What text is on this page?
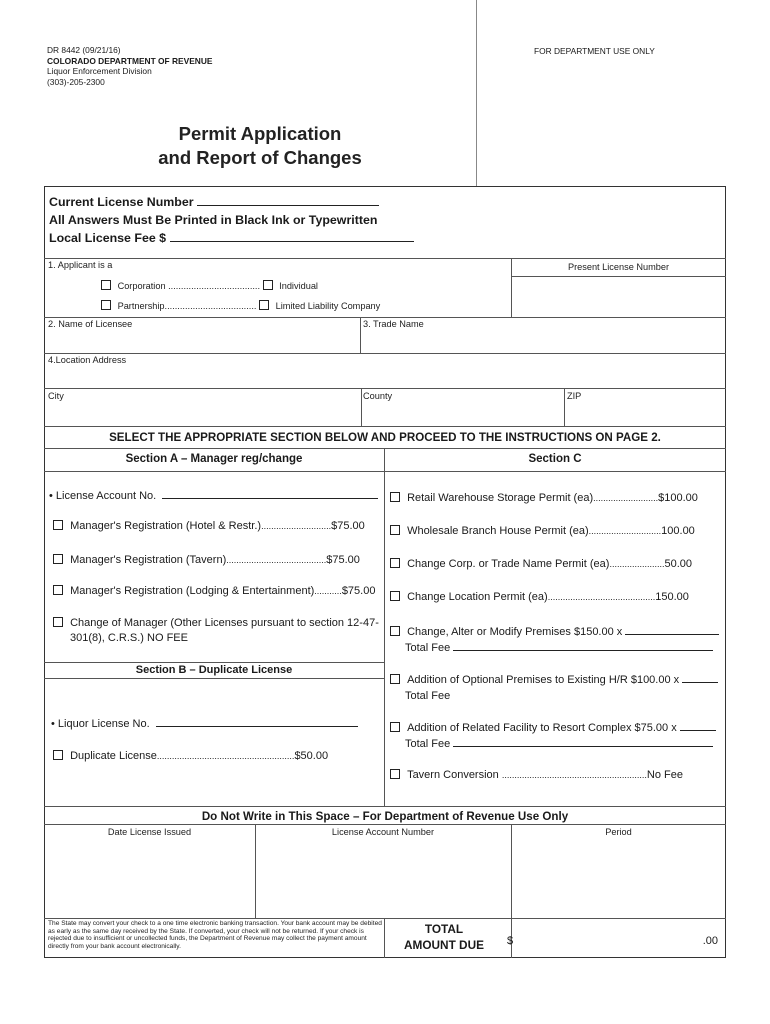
DR 8442 (09/21/16)
COLORADO DEPARTMENT OF REVENUE
Liquor Enforcement Division
(303)-205-2300
FOR DEPARTMENT USE ONLY
Permit Application
and Report of Changes
Current License Number
All Answers Must Be Printed in Black Ink or Typewritten
Local License Fee $
1. Applicant is a	Present License Number
Corporation .................................... Individual
Partnership.................................... Limited Liability Company
2. Name of Licensee	3. Trade Name
4.Location Address
City	County	ZIP
SELECT THE APPROPRIATE SECTION BELOW AND PROCEED TO THE INSTRUCTIONS ON PAGE 2.
Section A – Manager reg/change	Section C
• License Account No.
Manager's Registration (Hotel & Restr.)............................$75.00
Manager's Registration (Tavern)........................................$75.00
Manager's Registration (Lodging & Entertainment)...........$75.00
Change of Manager (Other Licenses pursuant to section 12-47-
301(8), C.R.S.) NO FEE
Section B – Duplicate License
• Liquor License No.
Duplicate License.......................................................$50.00
Retail Warehouse Storage Permit (ea)..........................$100.00
Wholesale Branch House Permit (ea).............................100.00
Change Corp. or Trade Name Permit (ea)......................50.00
Change Location Permit (ea)...........................................150.00
Change, Alter or Modify Premises $150.00 x
Total Fee
Addition of Optional Premises to Existing H/R $100.00 x
Total Fee
Addition of Related Facility to Resort Complex $75.00 x
Total Fee
Tavern Conversion ..........................................................No Fee
Do Not Write in This Space – For Department of Revenue Use Only
Date License Issued	License Account Number	Period
The State may convert your check to a one time electronic banking transaction. Your bank account may be debited as early as the same day received by the State. If converted, your check will not be returned. If your check is rejected due to insufficient or uncollected funds, the Department of Revenue may collect the payment amount directly from your bank account electronically.
TOTAL
AMOUNT DUE	$	.00
